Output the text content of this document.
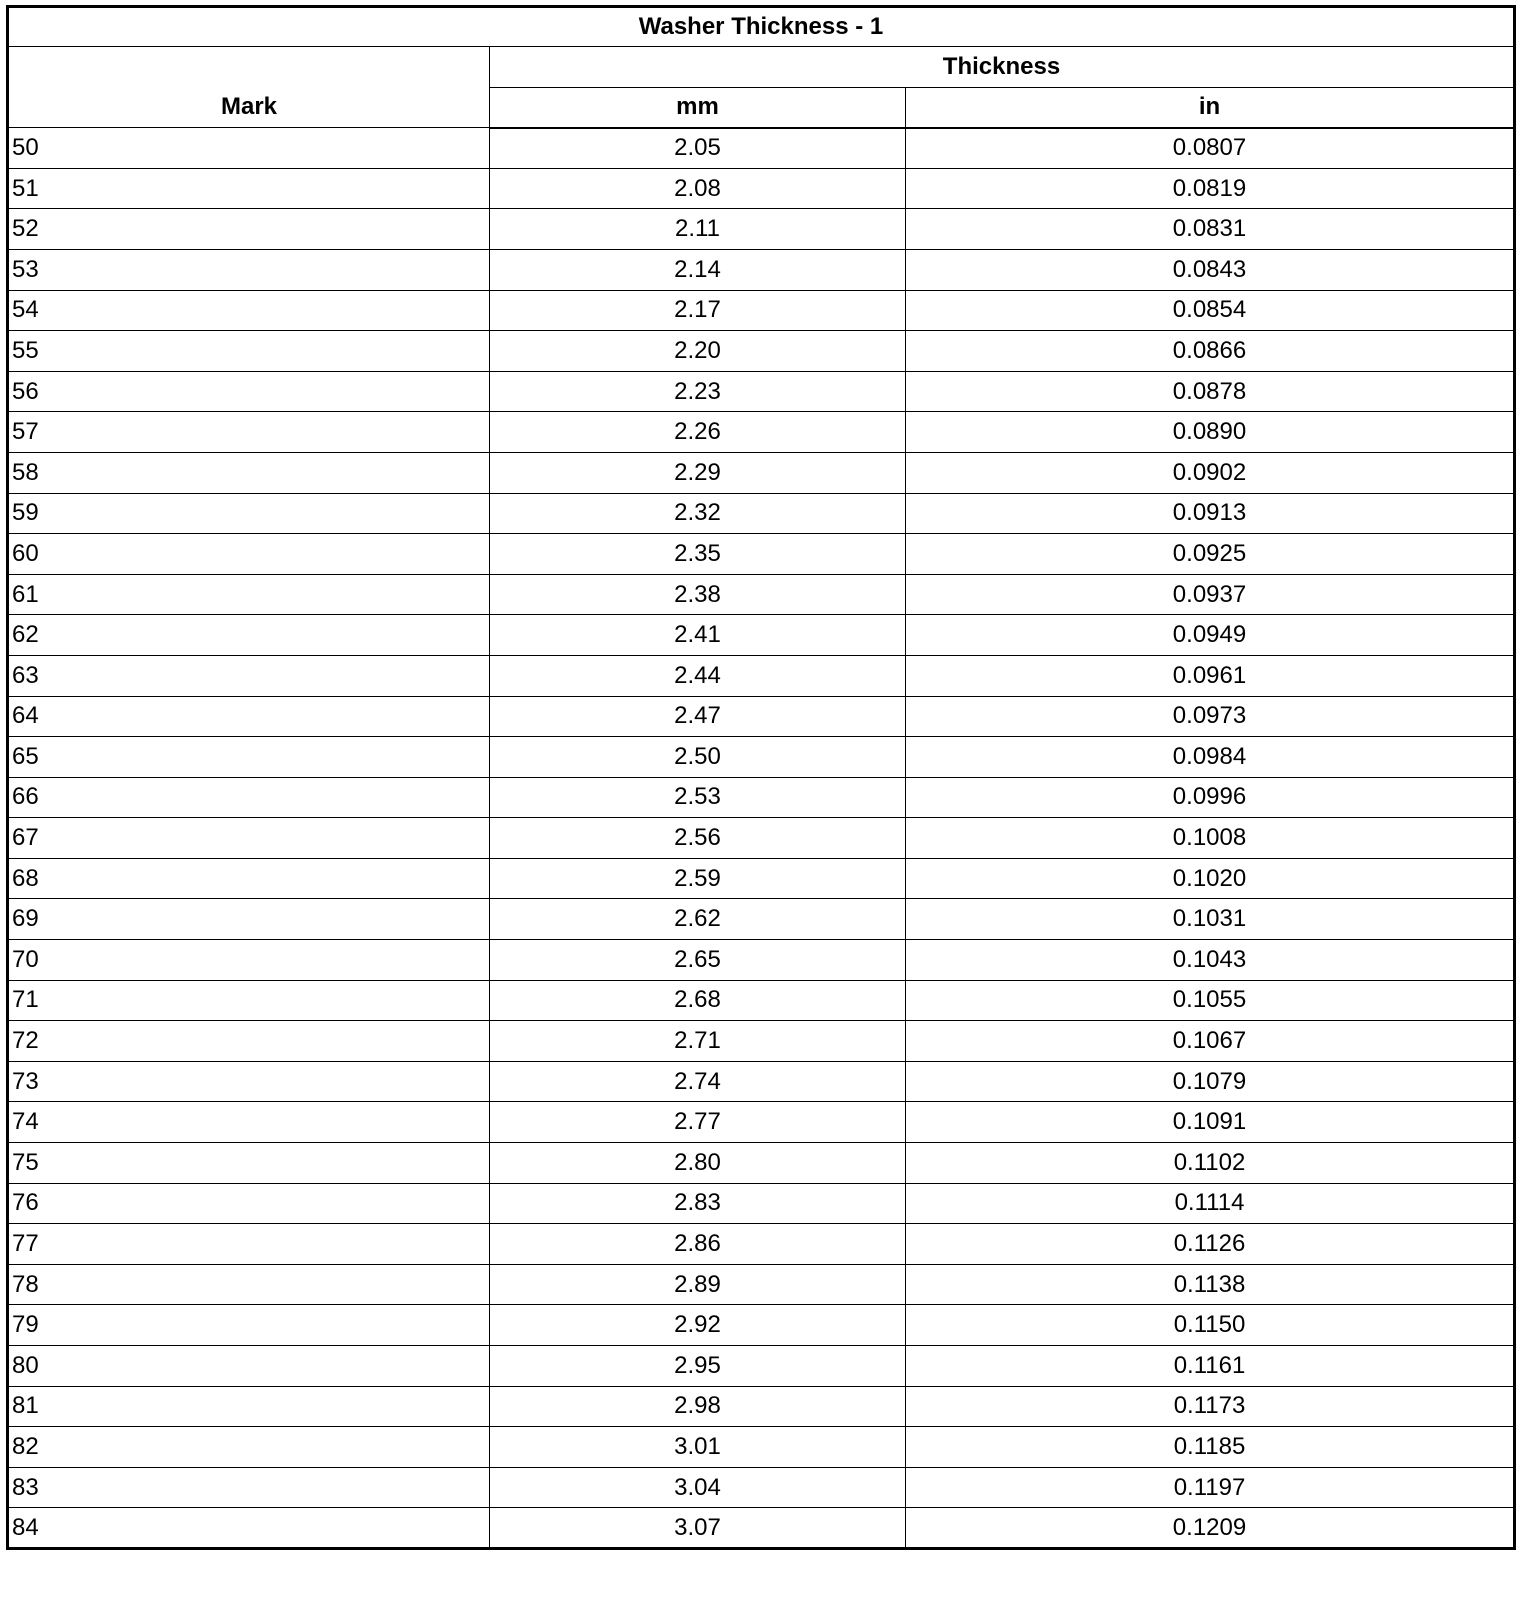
Washer Thickness - 1		
Mark	Thickness	
	mm	in
50	2.05	0.0807
51	2.08	0.0819
52	2.11	0.0831
53	2.14	0.0843
54	2.17	0.0854
55	2.20	0.0866
56	2.23	0.0878
57	2.26	0.0890
58	2.29	0.0902
59	2.32	0.0913
60	2.35	0.0925
61	2.38	0.0937
62	2.41	0.0949
63	2.44	0.0961
64	2.47	0.0973
65	2.50	0.0984
66	2.53	0.0996
67	2.56	0.1008
68	2.59	0.1020
69	2.62	0.1031
70	2.65	0.1043
71	2.68	0.1055
72	2.71	0.1067
73	2.74	0.1079
74	2.77	0.1091
75	2.80	0.1102
76	2.83	0.1114
77	2.86	0.1126
78	2.89	0.1138
79	2.92	0.1150
80	2.95	0.1161
81	2.98	0.1173
82	3.01	0.1185
83	3.04	0.1197
84	3.07	0.1209
